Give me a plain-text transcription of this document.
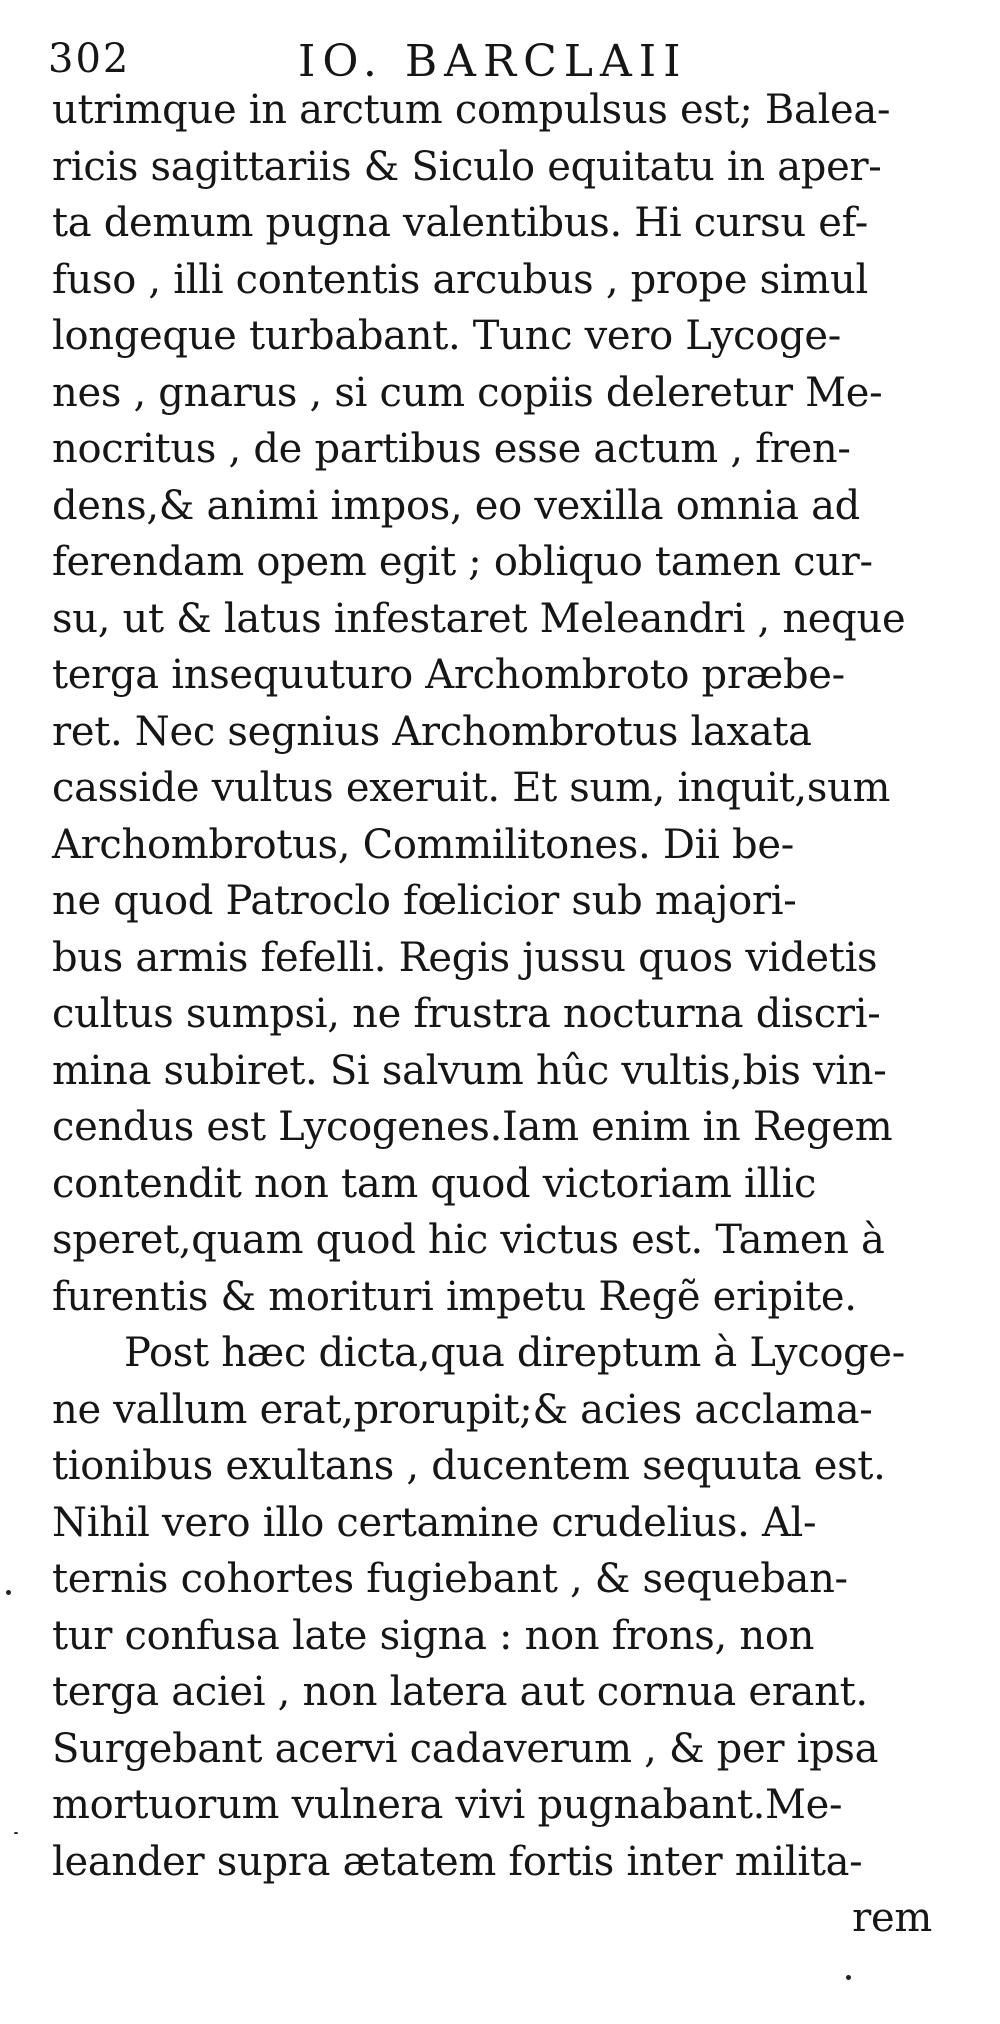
302	IO. BARCLAII
utrimque in arctum compulsus est; Balea-
ricis sagittariis & Siculo equitatu in aper-
ta demum pugna valentibus. Hi cursu ef-
fuso , illi contentis arcubus , prope simul
longeque turbabant. Tunc vero Lycoge-
nes , gnarus , si cum copiis deleretur Me-
nocritus , de partibus esse actum , fren-
dens,& animi impos, eo vexilla omnia ad
ferendam opem egit ; obliquo tamen cur-
su, ut & latus infestaret Meleandri , neque
terga insequuturo Archombroto præbe-
ret. Nec segnius Archombrotus laxata
casside vultus exeruit. Et sum, inquit,sum
Archombrotus, Commilitones. Dii be-
ne quod Patroclo fœlicior sub majori-
bus armis fefelli. Regis jussu quos videtis
cultus sumpsi, ne frustra nocturna discri-
mina subiret. Si salvum hûc vultis,bis vin-
cendus est Lycogenes.Iam enim in Regem
contendit non tam quod victoriam illic
speret,quam quod hic victus est. Tamen à
furentis & morituri impetu Regẽ eripite.
Post hæc dicta,qua direptum à Lycoge-
ne vallum erat,prorupit;& acies acclama-
tionibus exultans , ducentem sequuta est.
Nihil vero illo certamine crudelius. Al-
ternis cohortes fugiebant , & sequeban-
tur confusa late signa : non frons, non
terga aciei , non latera aut cornua erant.
Surgebant acervi cadaverum , & per ipsa
mortuorum vulnera vivi pugnabant.Me-
leander supra ætatem fortis inter milita-
rem
